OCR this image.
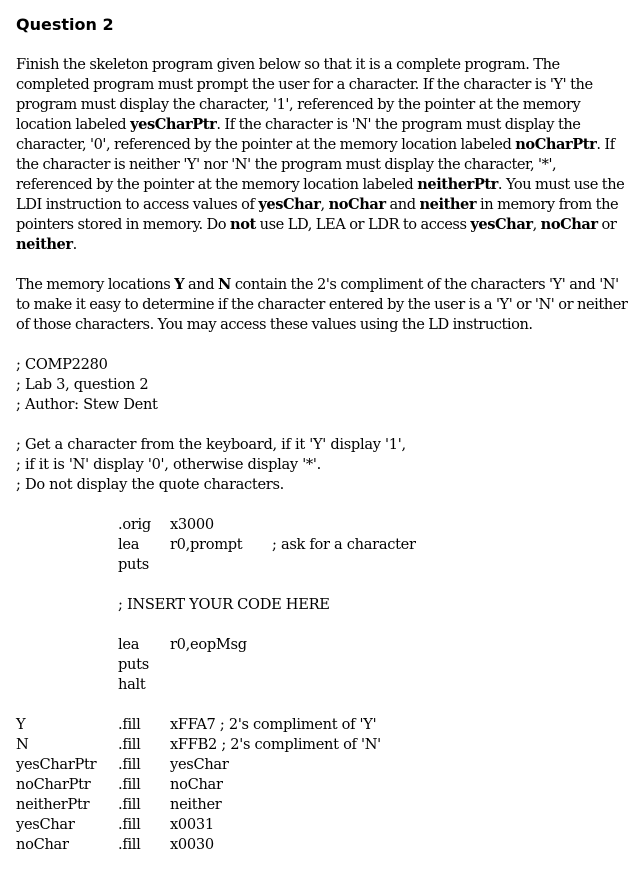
Question 2
Finish the skeleton program given below so that it is a complete program. The completed program must prompt the user for a character. If the character is 'Y' the program must display the character, '1', referenced by the pointer at the memory location labeled yesCharPtr. If the character is 'N' the program must display the character, '0', referenced by the pointer at the memory location labeled noCharPtr. If the character is neither 'Y' nor 'N' the program must display the character, '*', referenced by the pointer at the memory location labeled neitherPtr. You must use the LDI instruction to access values of yesChar, noChar and neither in memory from the pointers stored in memory. Do not use LD, LEA or LDR to access yesChar, noChar or neither.
The memory locations Y and N contain the 2's compliment of the characters 'Y' and 'N' to make it easy to determine if the character entered by the user is a 'Y' or 'N' or neither of those characters. You may access these values using the LD instruction.
; COMP2280
; Lab 3, question 2
; Author: Stew Dent
; Get a character from the keyboard, if it 'Y' display '1',
; if it is 'N' display '0', otherwise display '*'.
; Do not display the quote characters.
.orig x3000
lea r0,prompt ; ask for a character
puts
; INSERT YOUR CODE HERE
lea r0,eopMsg
puts
halt
Y	.fill xFFA7 ; 2's compliment of 'Y'
N	.fill xFFB2 ; 2's compliment of 'N'
yesCharPtr .fill yesChar
noCharPtr .fill noChar
neitherPtr .fill neither
yesChar	.fill x0031
noChar	.fill x0030
